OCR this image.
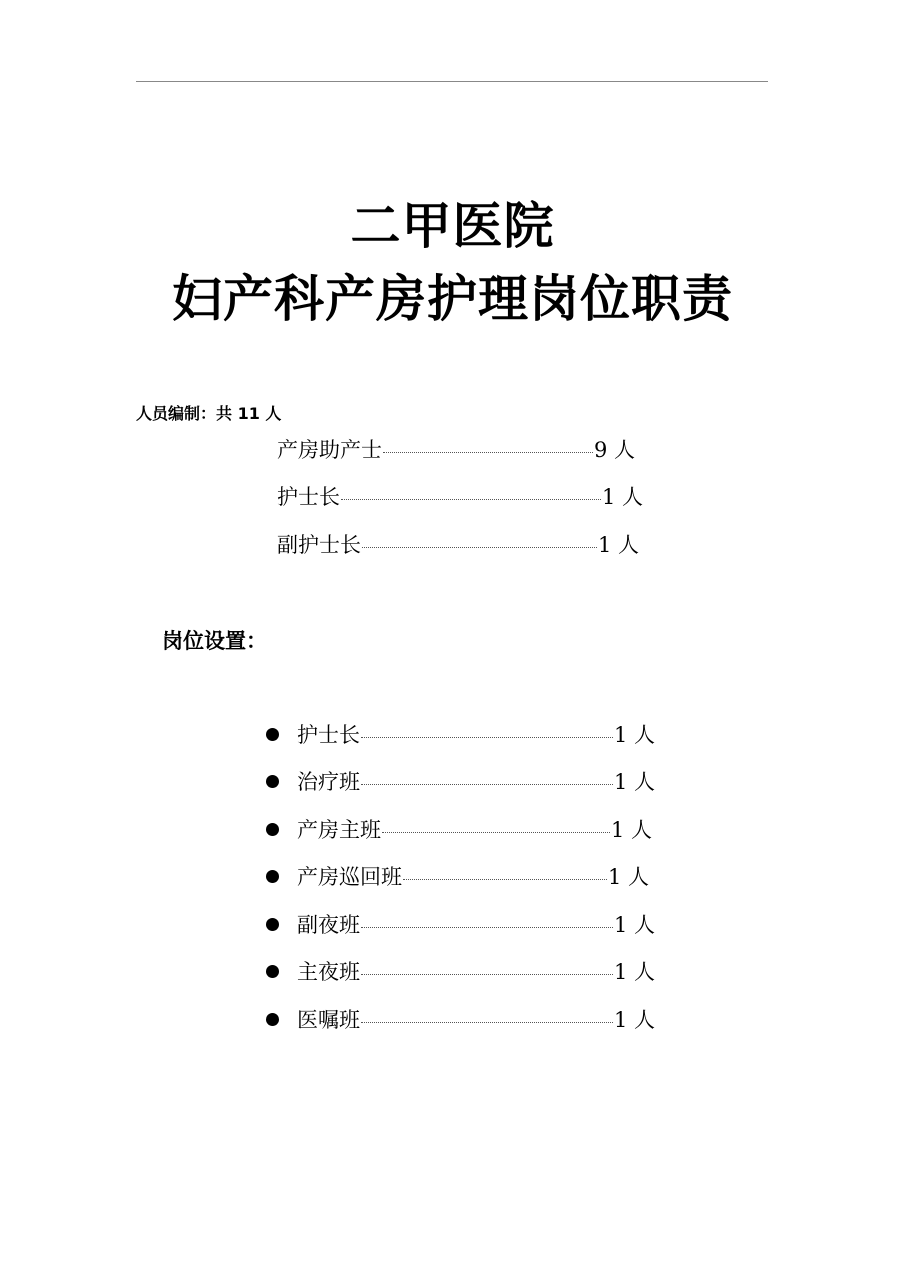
二甲医院
妇产科产房护理岗位职责
人员编制：共 11 人
产房助产士	9 人
护士长	1 人
副护士长	1 人
岗位设置：
护士长	1 人
治疗班	1 人
产房主班	1 人
产房巡回班	1 人
副夜班	1 人
主夜班	1 人
医嘱班	1 人
